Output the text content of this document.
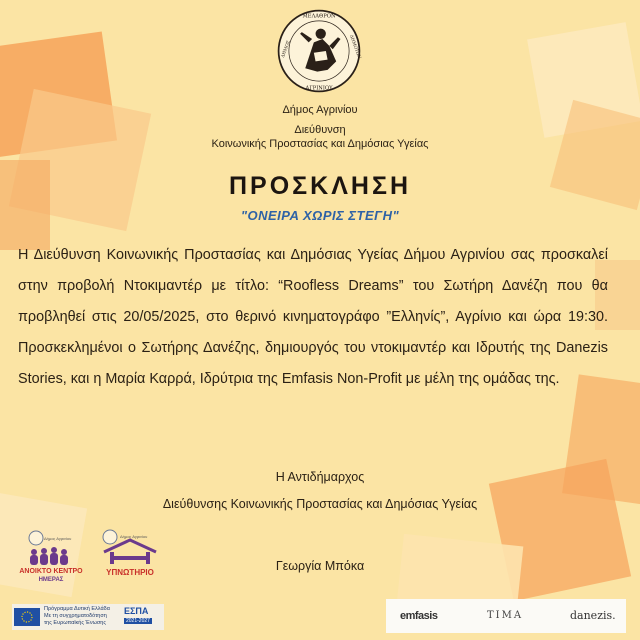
ΜΕΛΑΘΡΟΝ
ΑΓΡΙΝΙΟΥ
ΔΗΜΟΣ	ΔΗΜΟΤΩΝ
Δήμος Αγρινίου
Διεύθυνση
Κοινωνικής Προστασίας και Δημόσιας Υγείας
ΠΡΟΣΚΛΗΣΗ
"ΟΝΕΙΡΑ ΧΩΡΙΣ ΣΤΕΓΗ"
Η Διεύθυνση Κοινωνικής Προστασίας και Δημόσιας Υγείας Δήμου Αγρινίου σας προσκαλεί στην προβολή Ντοκιμαντέρ με τίτλο: “Roofless Dreams” του Σωτήρη Δανέζη που θα προβληθεί στις 20/05/2025, στο θερινό κινηματογράφο ”Ελληνίς”, Αγρίνιο και ώρα 19:30. Προσκεκλημένοι ο Σωτήρης Δανέζης, δημιουργός του ντοκιμαντέρ και Ιδρυτής της Danezis Stories, και η Μαρία Καρρά, Ιδρύτρια της Emfasis Non-Profit με μέλη της ομάδας της.
Η Αντιδήμαρχος
Διεύθυνσης Κοινωνικής Προστασίας και Δημόσιας Υγείας
Γεωργία Μπόκα
Δήμος Αγρινίου
ΑΝΟΙΚΤΟ ΚΕΝΤΡΟ
ΗΜΕΡΑΣ
Δήμος Αγρινίου
ΥΠΝΩΤΗΡΙΟ
Πρόγραμμα Δυτική Ελλάδα
Με τη συγχρηματοδότηση
της Ευρωπαϊκής Ένωσης
ΕΣΠΑ
2021-2027	emfasis	ΤΙΜΑ	danezis.
